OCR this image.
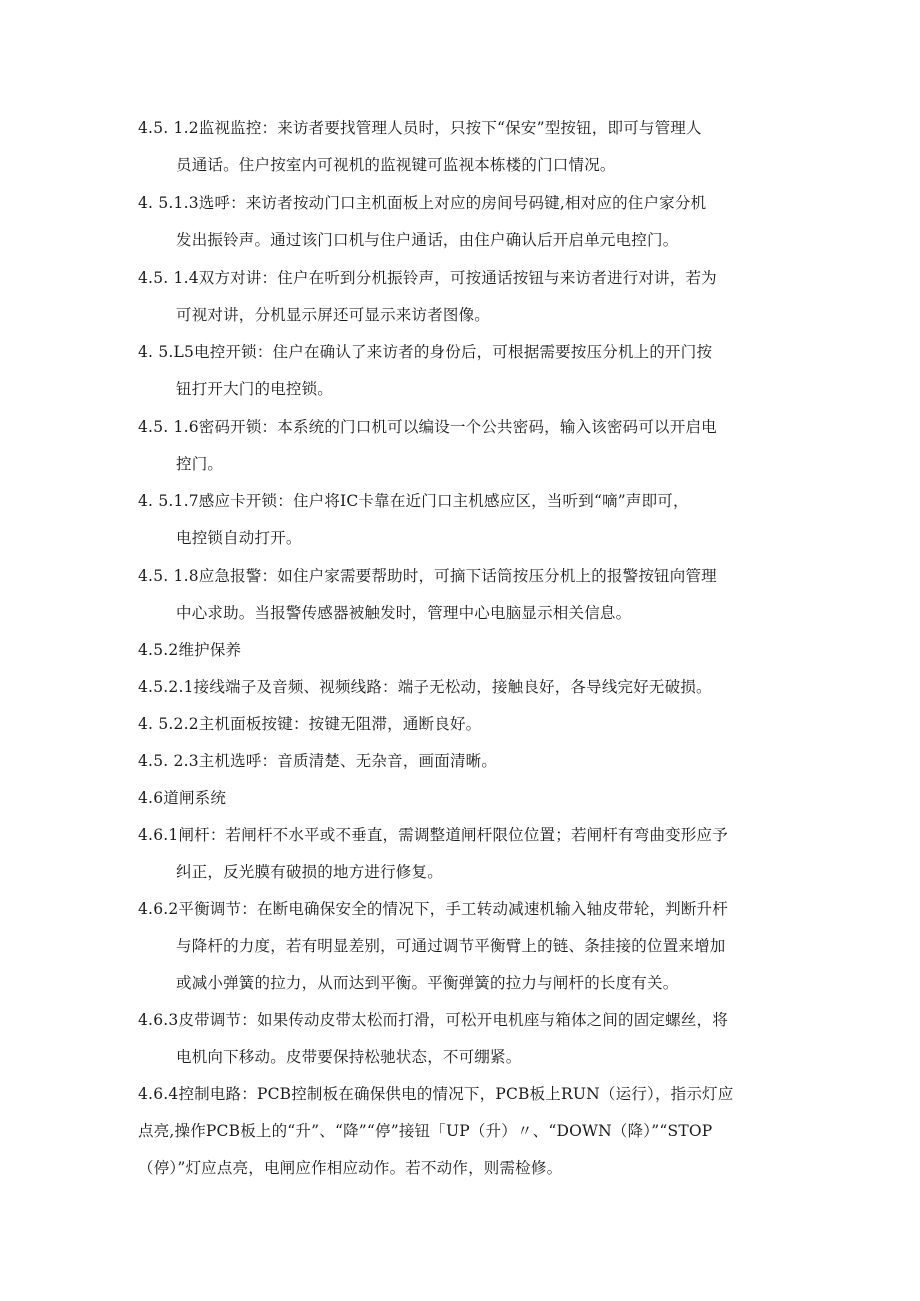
4.5. 1.2监视监控：来访者要找管理人员时，只按下“保安”型按钮，即可与管理人
员通话。住户按室内可视机的监视键可监视本栋楼的门口情况。
4. 5.1.3选呼：来访者按动门口主机面板上对应的房间号码键,相对应的住户家分机
发出振铃声。通过该门口机与住户通话，由住户确认后开启单元电控门。
4.5. 1.4双方对讲：住户在听到分机振铃声，可按通话按钮与来访者进行对讲，若为
可视对讲，分机显示屏还可显示来访者图像。
4. 5.L5电控开锁：住户在确认了来访者的身份后，可根据需要按压分机上的开门按
钮打开大门的电控锁。
4.5. 1.6密码开锁：本系统的门口机可以编设一个公共密码，输入该密码可以开启电
控门。
4. 5.1.7感应卡开锁：住户将IC卡靠在近门口主机感应区，当听到“嘀”声即可，
电控锁自动打开。
4.5. 1.8应急报警：如住户家需要帮助时，可摘下话筒按压分机上的报警按钮向管理
中心求助。当报警传感器被触发时，管理中心电脑显示相关信息。
4.5.2维护保养
4.5.2.1接线端子及音频、视频线路：端子无松动，接触良好，各导线完好无破损。
4. 5.2.2主机面板按键：按键无阻滞，通断良好。
4.5. 2.3主机选呼：音质清楚、无杂音，画面清晰。
4.6道闸系统
4.6.1闸杆：若闸杆不水平或不垂直，需调整道闸杆限位位置；若闸杆有弯曲变形应予
纠正，反光膜有破损的地方进行修复。
4.6.2平衡调节：在断电确保安全的情况下，手工转动减速机输入轴皮带轮，判断升杆
与降杆的力度，若有明显差别，可通过调节平衡臂上的链、条挂接的位置来增加
或减小弹簧的拉力，从而达到平衡。平衡弹簧的拉力与闸杆的长度有关。
4.6.3皮带调节：如果传动皮带太松而打滑，可松开电机座与箱体之间的固定螺丝，将
电机向下移动。皮带要保持松驰状态，不可绷紧。
4.6.4控制电路：PCB控制板在确保供电的情况下，PCB板上RUN（运行），指示灯应
点亮,操作PCB板上的“升”、“降”“停”接钮「UP（升）〃、“DOWN（降）”“STOP
（停）”灯应点亮，电闸应作相应动作。若不动作，则需检修。
